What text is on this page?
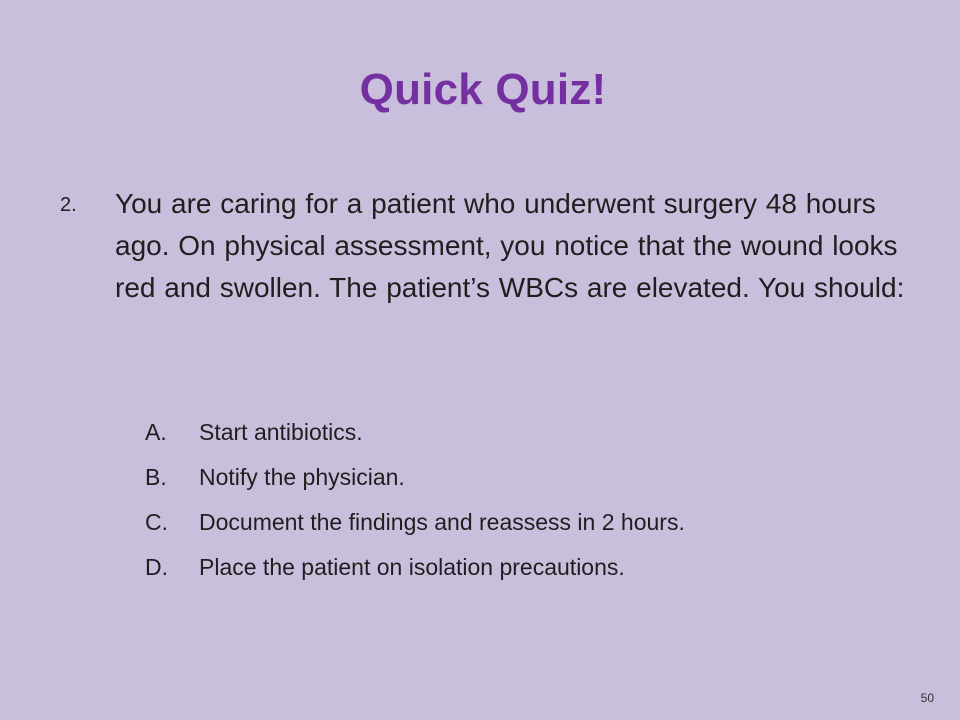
Quick Quiz!
2. You are caring for a patient who underwent surgery 48 hours ago. On physical assessment, you notice that the wound looks red and swollen. The patient’s WBCs are elevated. You should:
A.	Start antibiotics.
B.	Notify the physician.
C.	Document the findings and reassess in 2 hours.
D.	Place the patient on isolation precautions.
50
